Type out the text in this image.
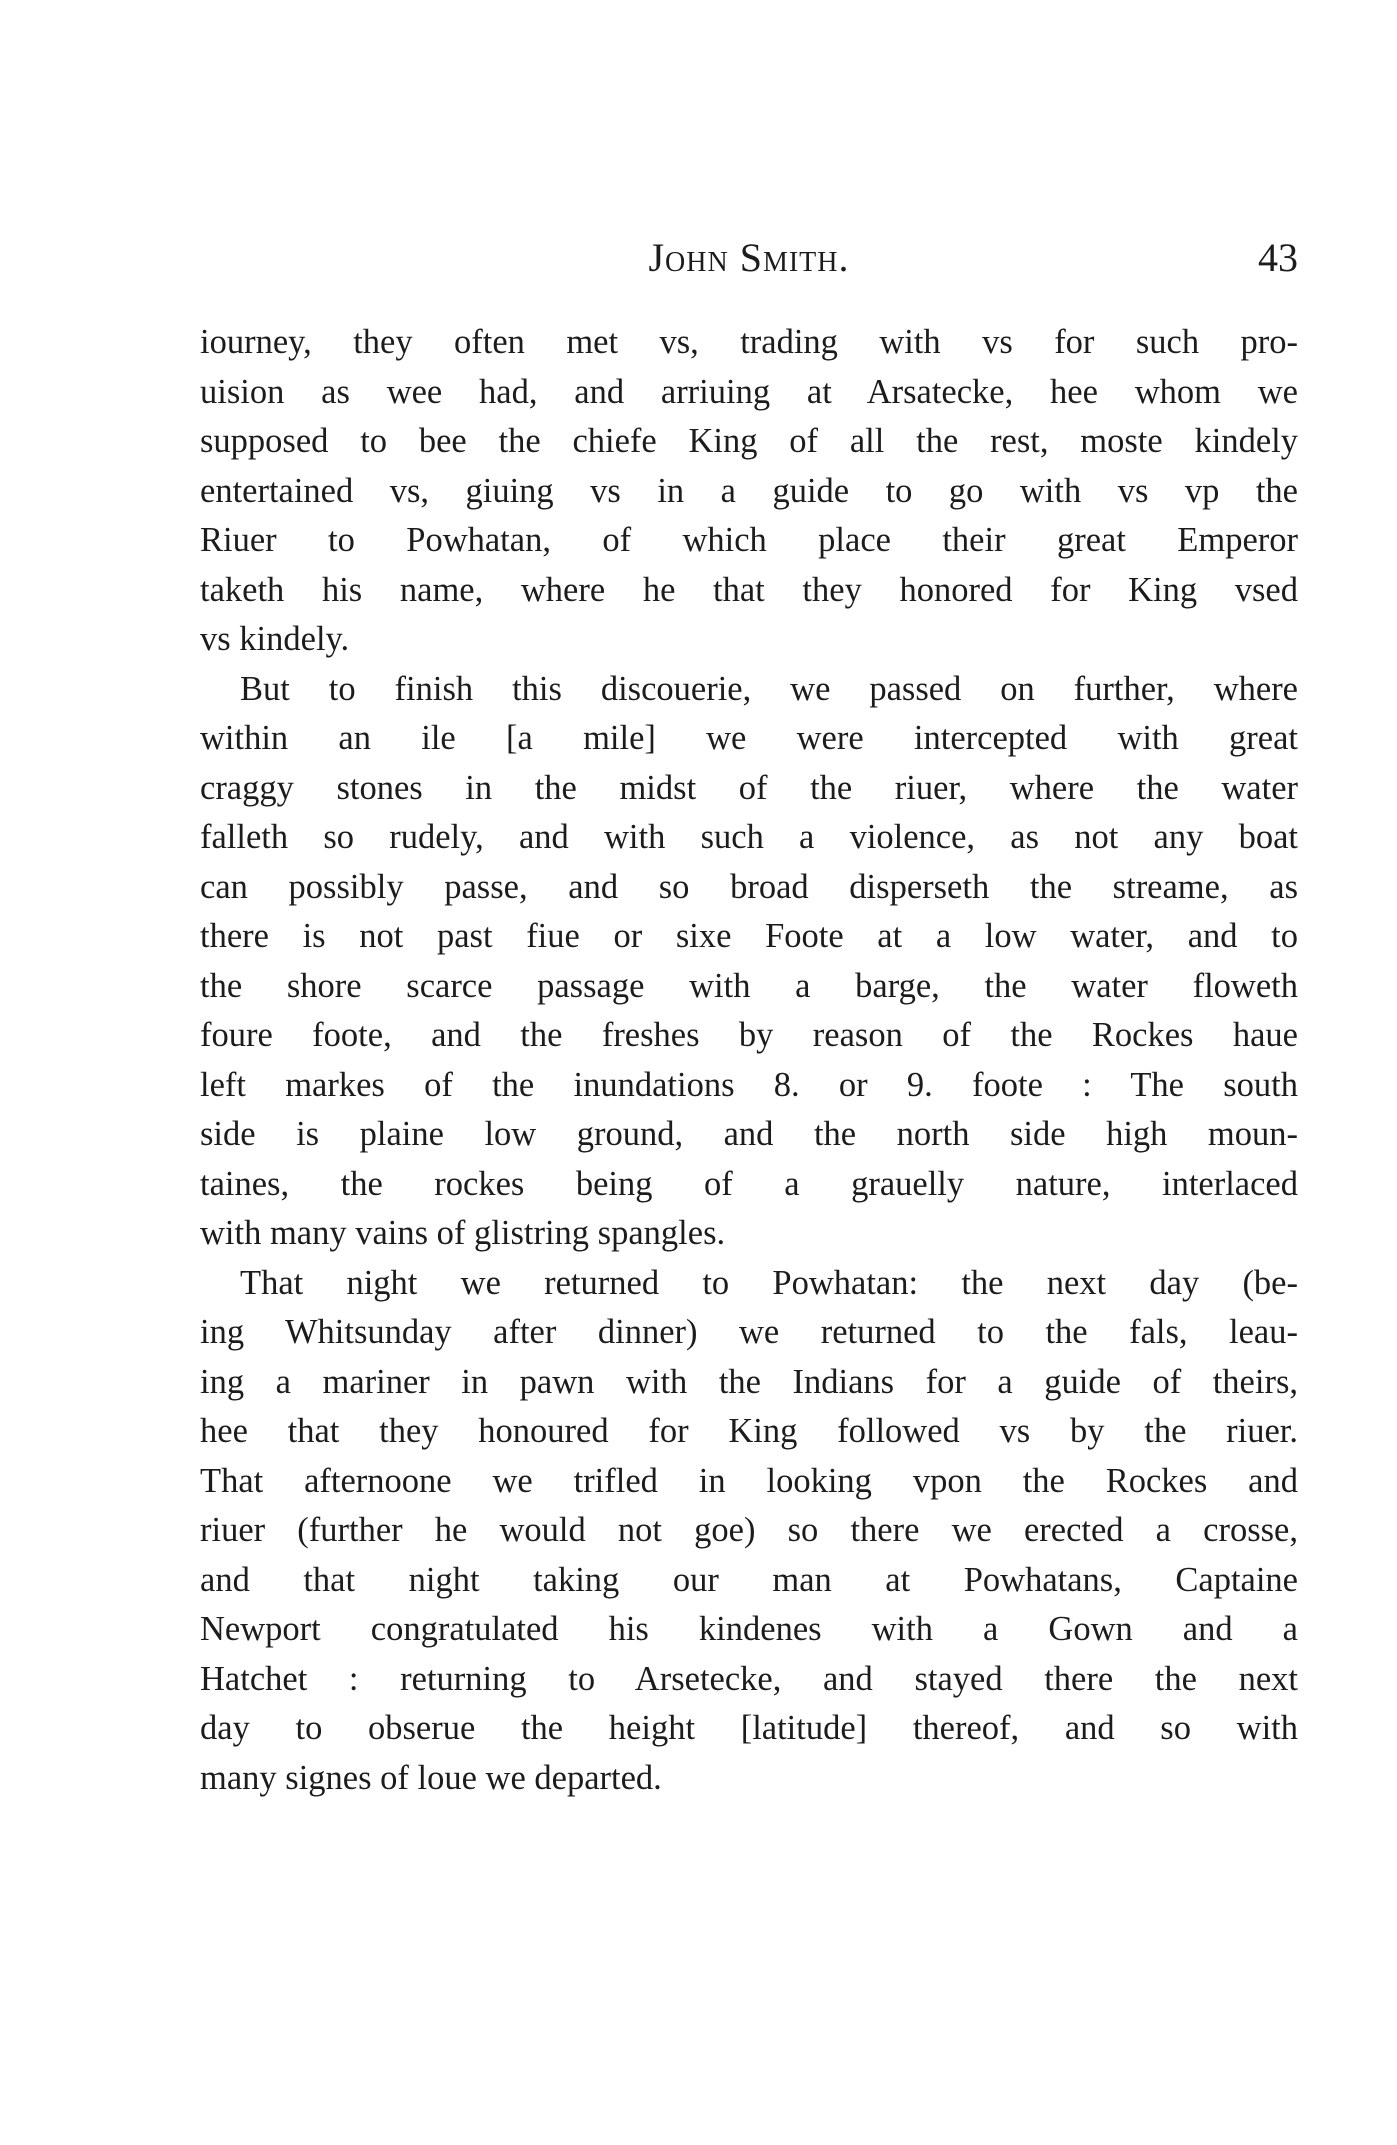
John Smith.	43
iourney, they often met vs, trading with vs for such pro-
uision as wee had, and arriuing at Arsatecke, hee whom we
supposed to bee the chiefe King of all the rest, moste kindely
entertained vs, giuing vs in a guide to go with vs vp the
Riuer to Powhatan, of which place their great Emperor
taketh his name, where he that they honored for King vsed
vs kindely.
But to finish this discouerie, we passed on further, where
within an ile [a mile] we were intercepted with great
craggy stones in the midst of the riuer, where the water
falleth so rudely, and with such a violence, as not any boat
can possibly passe, and so broad disperseth the streame, as
there is not past fiue or sixe Foote at a low water, and to
the shore scarce passage with a barge, the water floweth
foure foote, and the freshes by reason of the Rockes haue
left markes of the inundations 8. or 9. foote : The south
side is plaine low ground, and the north side high moun-
taines, the rockes being of a grauelly nature, interlaced
with many vains of glistring spangles.
That night we returned to Powhatan: the next day (be-
ing Whitsunday after dinner) we returned to the fals, leau-
ing a mariner in pawn with the Indians for a guide of theirs,
hee that they honoured for King followed vs by the riuer.
That afternoone we trifled in looking vpon the Rockes and
riuer (further he would not goe) so there we erected a crosse,
and that night taking our man at Powhatans, Captaine
Newport congratulated his kindenes with a Gown and a
Hatchet : returning to Arsetecke, and stayed there the next
day to obserue the height [latitude] thereof, and so with
many signes of loue we departed.
